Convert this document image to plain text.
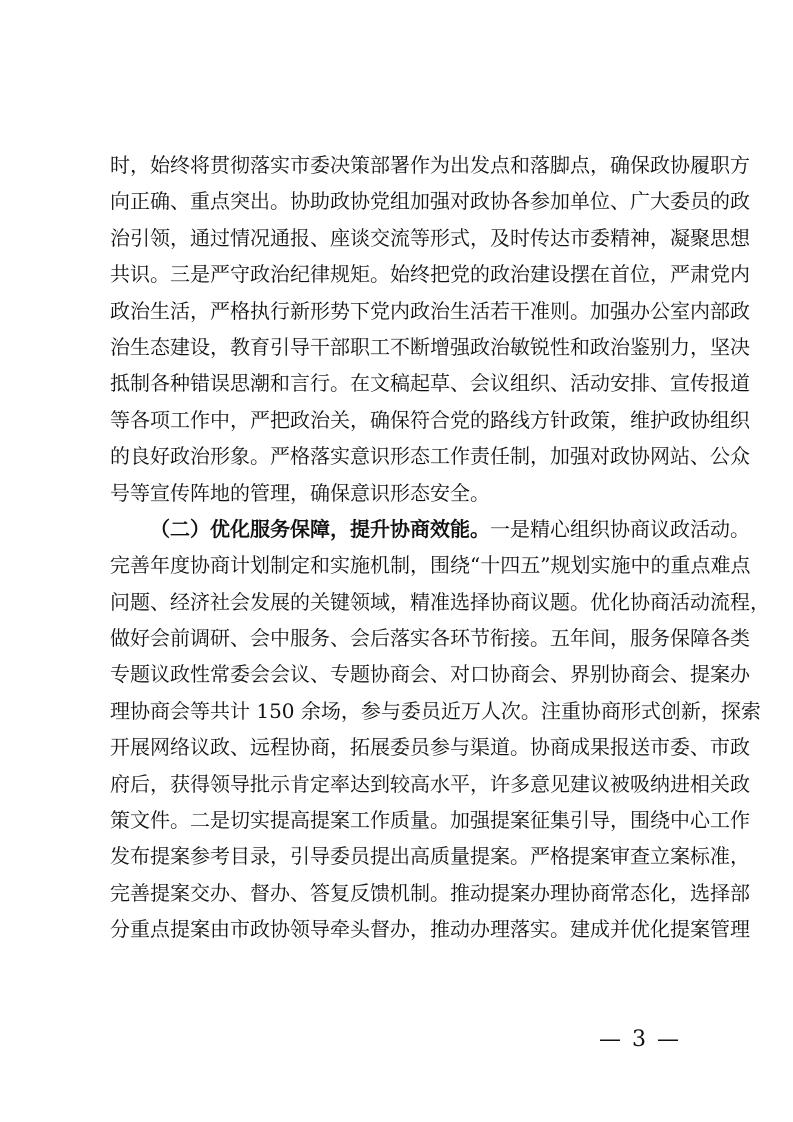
时，始终将贯彻落实市委决策部署作为出发点和落脚点，确保政协履职方
向正确、重点突出。协助政协党组加强对政协各参加单位、广大委员的政
治引领，通过情况通报、座谈交流等形式，及时传达市委精神，凝聚思想
共识。三是严守政治纪律规矩。始终把党的政治建设摆在首位，严肃党内
政治生活，严格执行新形势下党内政治生活若干准则。加强办公室内部政
治生态建设，教育引导干部职工不断增强政治敏锐性和政治鉴别力，坚决
抵制各种错误思潮和言行。在文稿起草、会议组织、活动安排、宣传报道
等各项工作中，严把政治关，确保符合党的路线方针政策，维护政协组织
的良好政治形象。严格落实意识形态工作责任制，加强对政协网站、公众
号等宣传阵地的管理，确保意识形态安全。
（二）优化服务保障，提升协商效能。一是精心组织协商议政活动。
完善年度协商计划制定和实施机制，围绕“十四五”规划实施中的重点难点
问题、经济社会发展的关键领域，精准选择协商议题。优化协商活动流程，
做好会前调研、会中服务、会后落实各环节衔接。五年间，服务保障各类
专题议政性常委会会议、专题协商会、对口协商会、界别协商会、提案办
理协商会等共计 150 余场，参与委员近万人次。注重协商形式创新，探索
开展网络议政、远程协商，拓展委员参与渠道。协商成果报送市委、市政
府后，获得领导批示肯定率达到较高水平，许多意见建议被吸纳进相关政
策文件。二是切实提高提案工作质量。加强提案征集引导，围绕中心工作
发布提案参考目录，引导委员提出高质量提案。严格提案审查立案标准，
完善提案交办、督办、答复反馈机制。推动提案办理协商常态化，选择部
分重点提案由市政协领导牵头督办，推动办理落实。建成并优化提案管理
— 3 —
